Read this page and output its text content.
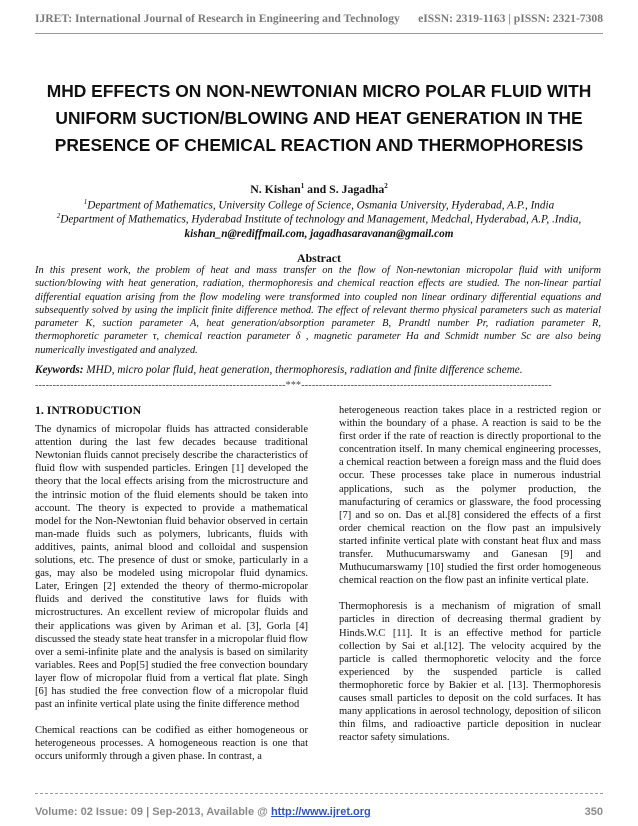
IJRET: International Journal of Research in Engineering and Technology eISSN: 2319-1163 | pISSN: 2321-7308
MHD EFFECTS ON NON-NEWTONIAN MICRO POLAR FLUID WITH
UNIFORM SUCTION/BLOWING AND HEAT GENERATION IN THE
PRESENCE OF CHEMICAL REACTION AND THERMOPHORESIS
N. Kishan$^1$ and S. Jagadha$^2$
$^1$Department of Mathematics, University College of Science, Osmania University, Hyderabad, A.P., India
$^2$Department of Mathematics, Hyderabad Institute of technology and Management, Medchal, Hyderabad, A.P, .India,
kishan_n@rediffmail.com, jagadhasaravanan@gmail.com
Abstract
In this present work, the problem of heat and mass transfer on the flow of Non-newtonian micropolar fluid with uniform suction/blowing with heat generation, radiation, thermophoresis and chemical reaction effects are studied. The non-linear partial differential equation arising from the flow modeling were transformed into coupled non linear ordinary differential equations and subsequently solved by using the implicit finite difference method. The effect of relevant thermo physical parameters such as material parameter K, suction parameter A, heat generation/absorption parameter B, Prandtl number Pr, radiation parameter R, thermophoretic parameter τ, chemical reaction parameter δ , magnetic parameter Ha and Schmidt number Sc are also being numerically investigated and analyzed.
Keywords: MHD, micro polar fluid, heat generation, thermophoresis, radiation and finite difference scheme.
-----------------------------------------------------------------------***-----------------------------------------------------------------------
1. INTRODUCTION

The dynamics of micropolar fluids has attracted considerable attention during the last few decades because traditional Newtonian fluids cannot precisely describe the characteristics of fluid flow with suspended particles. Eringen [1] developed the theory that the local effects arising from the microstructure and the intrinsic motion of the fluid elements should be taken into account. The theory is expected to provide a mathematical model for the Non-Newtonian fluid behavior observed in certain man-made fluids such as polymers, lubricants, fluids with additives, paints, animal blood and colloidal and suspension solutions, etc. The presence of dust or smoke, particularly in a gas, may also be modeled using micropolar fluid dynamics. Later, Eringen [2] extended the theory of thermo-micropolar fluids and derived the constitutive laws for fluids with microstructures. An excellent review of micropolar fluids and their applications was given by Ariman et al. [3], Gorla [4] discussed the steady state heat transfer in a micropolar fluid flow over a semi-infinite plate and the analysis is based on similarity variables. Rees and Pop[5] studied the free convection boundary layer flow of micropolar fluid from a vertical flat plate. Singh [6] has studied the free convection flow of a micropolar fluid past an infinite vertical plate using the finite difference method

Chemical reactions can be codified as either homogeneous or heterogeneous processes. A homogeneous reaction is one that occurs uniformly through a given phase. In contrast, a

heterogeneous reaction takes place in a restricted region or within the boundary of a phase. A reaction is said to be the first order if the rate of reaction is directly proportional to the concentration itself. In many chemical engineering processes, a chemical reaction between a foreign mass and the fluid does occur. These processes take place in numerous industrial applications, such as the polymer production, the manufacturing of ceramics or glassware, the food processing [7] and so on. Das et al.[8] considered the effects of a first order chemical reaction on the flow past an impulsively started infinite vertical plate with constant heat flux and mass transfer. Muthucumarswamy and Ganesan [9] and Muthucumarswamy [10] studied the first order homogeneous chemical reaction on the flow past an infinite vertical plate.

Thermophoresis is a mechanism of migration of small particles in direction of decreasing thermal gradient by Hinds.W.C [11]. It is an effective method for particle collection by Sai et al.[12]. The velocity acquired by the particle is called thermophoretic velocity and the force experienced by the suspended particle is called thermophoretic force by Bakier et al. [13]. Thermophoresis causes small particles to deposit on the cold surfaces. It has many applications in aerosol technology, deposition of silicon thin films, and radioactive particle deposition in nuclear reactor safety simulations.

Volume: 02 Issue: 09 | Sep-2013, Available @ http://www.ijret.org	350
